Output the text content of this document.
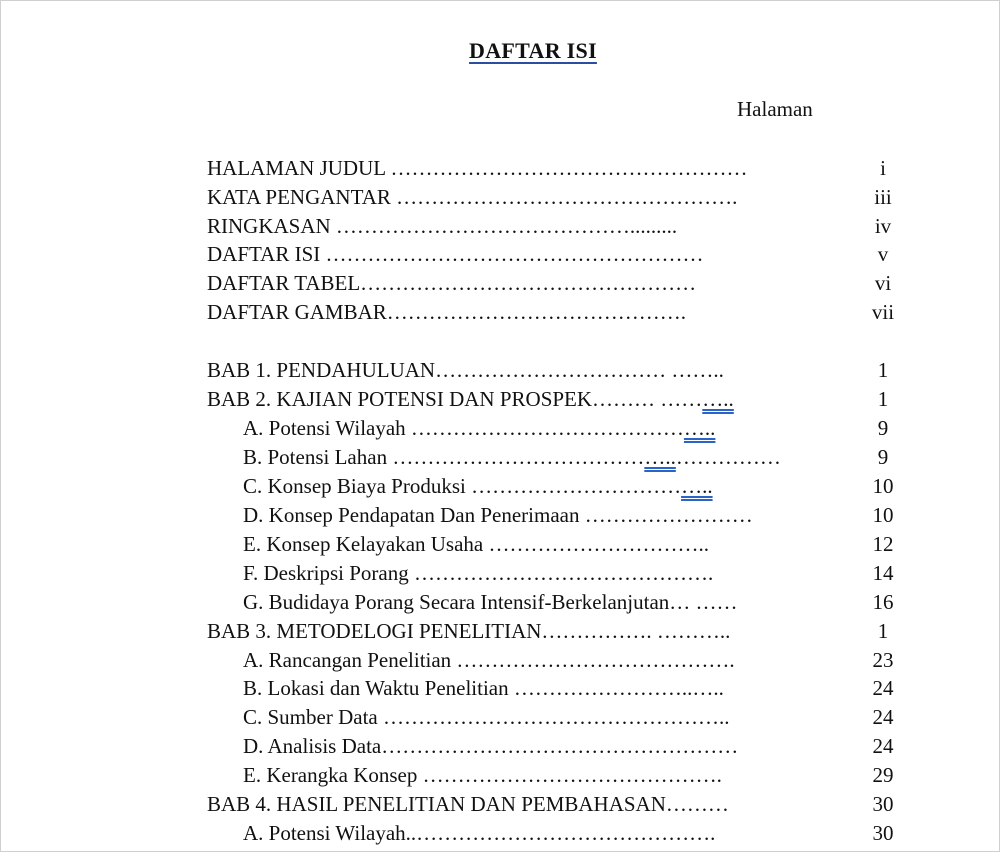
DAFTAR ISI
Halaman
HALAMAN JUDUL ……………………………………………	i
KATA PENGANTAR ………………………………………….	iii
RINGKASAN …………………………………….........	iv
DAFTAR ISI ………………………………………………	v
DAFTAR TABEL…………………………………………	vi
DAFTAR GAMBAR…………………………………….	vii
BAB 1. PENDAHULUAN…………………………… ……..	1
BAB 2. KAJIAN POTENSI DAN PROSPEK……… ………..	1
A. Potensi Wilayah ……………………………………..	9
B. Potensi Lahan …………………………………..……………	9
C. Konsep Biaya Produksi ……………………………..	10
D. Konsep Pendapatan Dan Penerimaan ……………………	10
E. Konsep Kelayakan Usaha …………………………..	12
F. Deskripsi Porang …………………………………….	14
G. Budidaya Porang Secara Intensif-Berkelanjutan… ……	16
BAB 3. METODELOGI PENELITIAN……………. ………..	1
A. Rancangan Penelitian ………………………………….	23
B. Lokasi dan Waktu Penelitian ……………………..…..	24
C. Sumber Data …………………………………………..	24
D. Analisis Data……………………………………………	24
E. Kerangka Konsep …………………………………….	29
BAB 4. HASIL PENELITIAN DAN PEMBAHASAN………	30
A. Potensi Wilayah..…………………………………….	30
